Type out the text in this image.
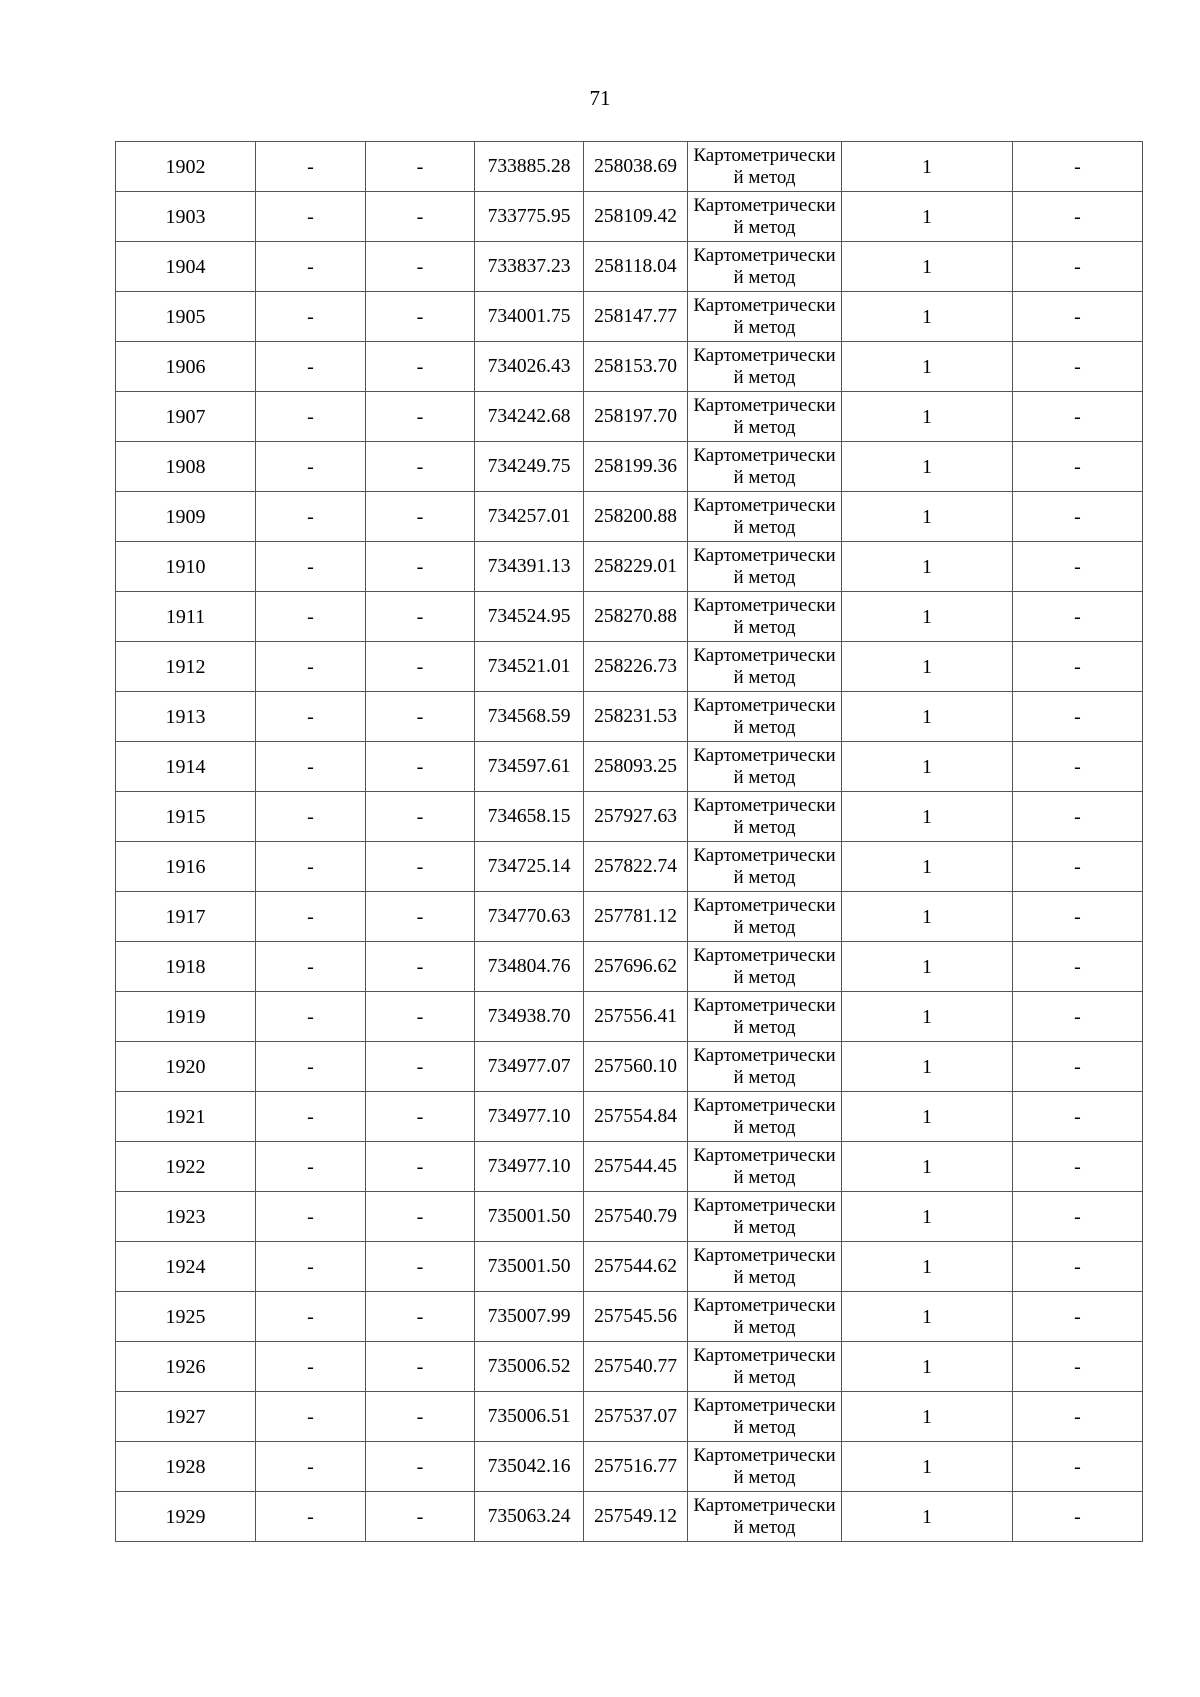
71
1902	-	-	733885.28	258038.69	Картометрический метод	1	-
1903	-	-	733775.95	258109.42	Картометрический метод	1	-
1904	-	-	733837.23	258118.04	Картометрический метод	1	-
1905	-	-	734001.75	258147.77	Картометрический метод	1	-
1906	-	-	734026.43	258153.70	Картометрический метод	1	-
1907	-	-	734242.68	258197.70	Картометрический метод	1	-
1908	-	-	734249.75	258199.36	Картометрический метод	1	-
1909	-	-	734257.01	258200.88	Картометрический метод	1	-
1910	-	-	734391.13	258229.01	Картометрический метод	1	-
1911	-	-	734524.95	258270.88	Картометрический метод	1	-
1912	-	-	734521.01	258226.73	Картометрический метод	1	-
1913	-	-	734568.59	258231.53	Картометрический метод	1	-
1914	-	-	734597.61	258093.25	Картометрический метод	1	-
1915	-	-	734658.15	257927.63	Картометрический метод	1	-
1916	-	-	734725.14	257822.74	Картометрический метод	1	-
1917	-	-	734770.63	257781.12	Картометрический метод	1	-
1918	-	-	734804.76	257696.62	Картометрический метод	1	-
1919	-	-	734938.70	257556.41	Картометрический метод	1	-
1920	-	-	734977.07	257560.10	Картометрический метод	1	-
1921	-	-	734977.10	257554.84	Картометрический метод	1	-
1922	-	-	734977.10	257544.45	Картометрический метод	1	-
1923	-	-	735001.50	257540.79	Картометрический метод	1	-
1924	-	-	735001.50	257544.62	Картометрический метод	1	-
1925	-	-	735007.99	257545.56	Картометрический метод	1	-
1926	-	-	735006.52	257540.77	Картометрический метод	1	-
1927	-	-	735006.51	257537.07	Картометрический метод	1	-
1928	-	-	735042.16	257516.77	Картометрический метод	1	-
1929	-	-	735063.24	257549.12	Картометрический метод	1	-
